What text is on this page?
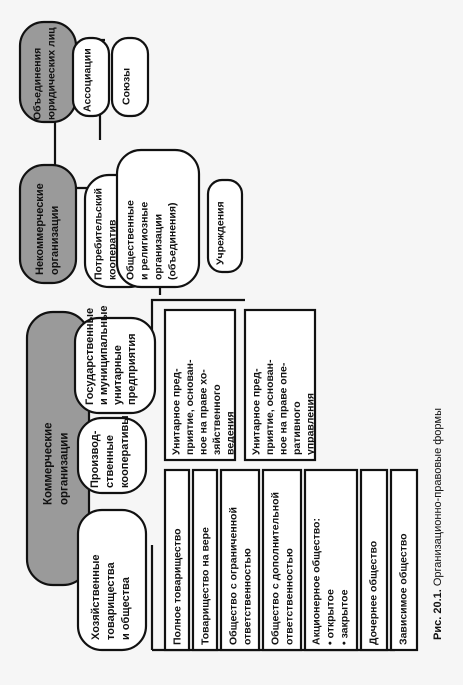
Коммерческие организации
Некоммерческие организации
Объединения юридических лиц
Хозяйственные товарищества и общества
Производ- ственные кооперативы
Государственные и муниципальные унитарные предприятия
Полное товарищество Товарищество на вере Общество с ограниченной ответственностью Общество с дополнительной ответственностью Акционерное общество: • открытое • закрытое Дочернее общество Зависимое общество
Унитарное пред- приятие, основан- ное на праве хо- зяйственного ведения Унитарное пред- приятие, основан- ное на праве опе- ративного управления
Потребительский кооператив Общественные и религиозные организации (объединения)	Учреждения
Ассоциации	Союзы
Рис. 20.1. Организационно-правовые формы
